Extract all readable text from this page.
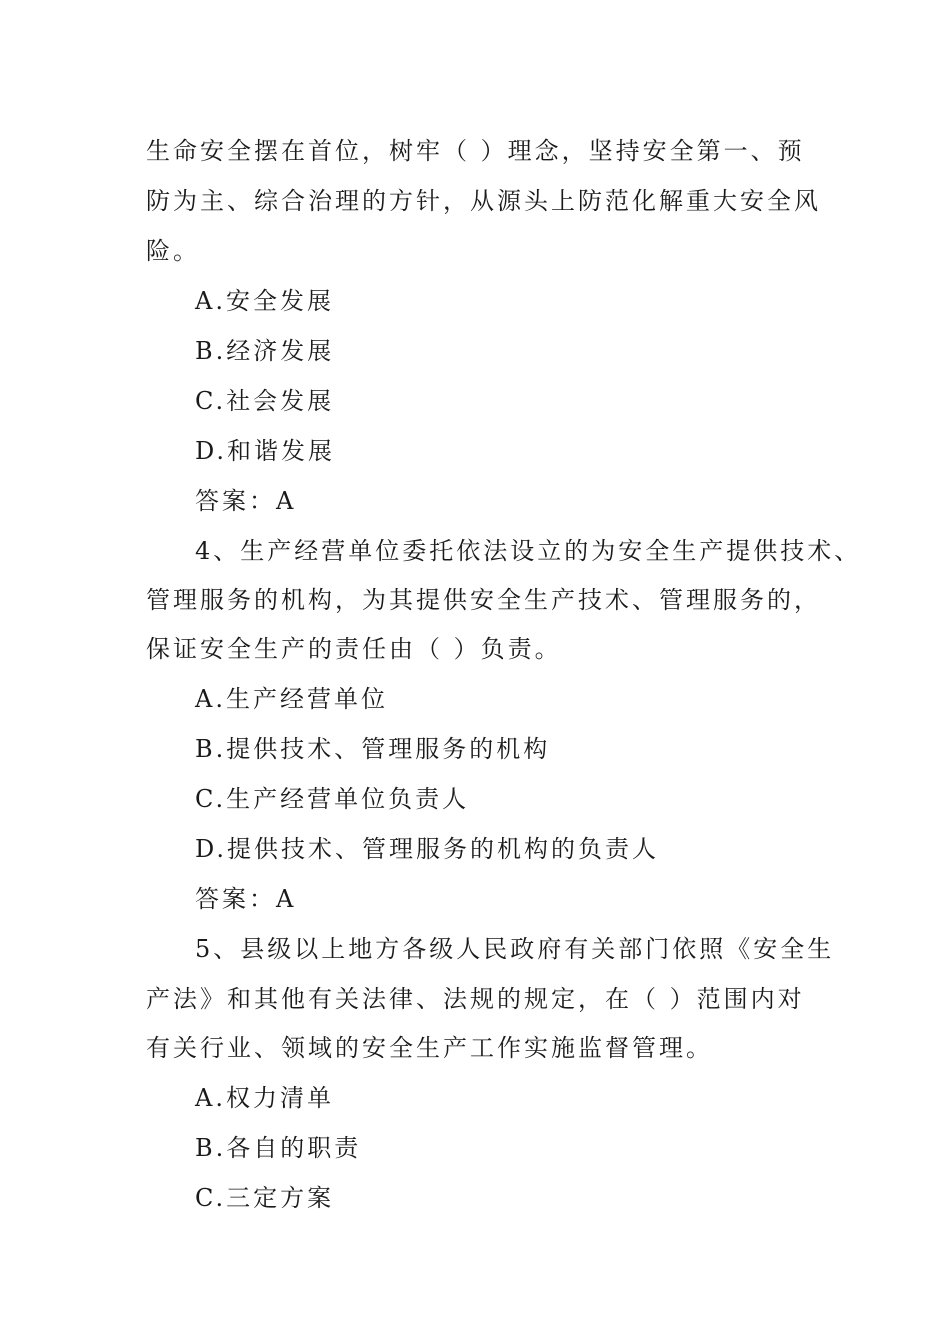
生命安全摆在首位，树牢（ ）理念，坚持安全第一、预
防为主、综合治理的方针，从源头上防范化解重大安全风
险。
A.安全发展
B.经济发展
C.社会发展
D.和谐发展
答案：A
4、生产经营单位委托依法设立的为安全生产提供技术、
管理服务的机构，为其提供安全生产技术、管理服务的，
保证安全生产的责任由（ ）负责。
A.生产经营单位
B.提供技术、管理服务的机构
C.生产经营单位负责人
D.提供技术、管理服务的机构的负责人
答案：A
5、县级以上地方各级人民政府有关部门依照《安全生
产法》和其他有关法律、法规的规定，在（ ）范围内对
有关行业、领域的安全生产工作实施监督管理。
A.权力清单
B.各自的职责
C.三定方案
